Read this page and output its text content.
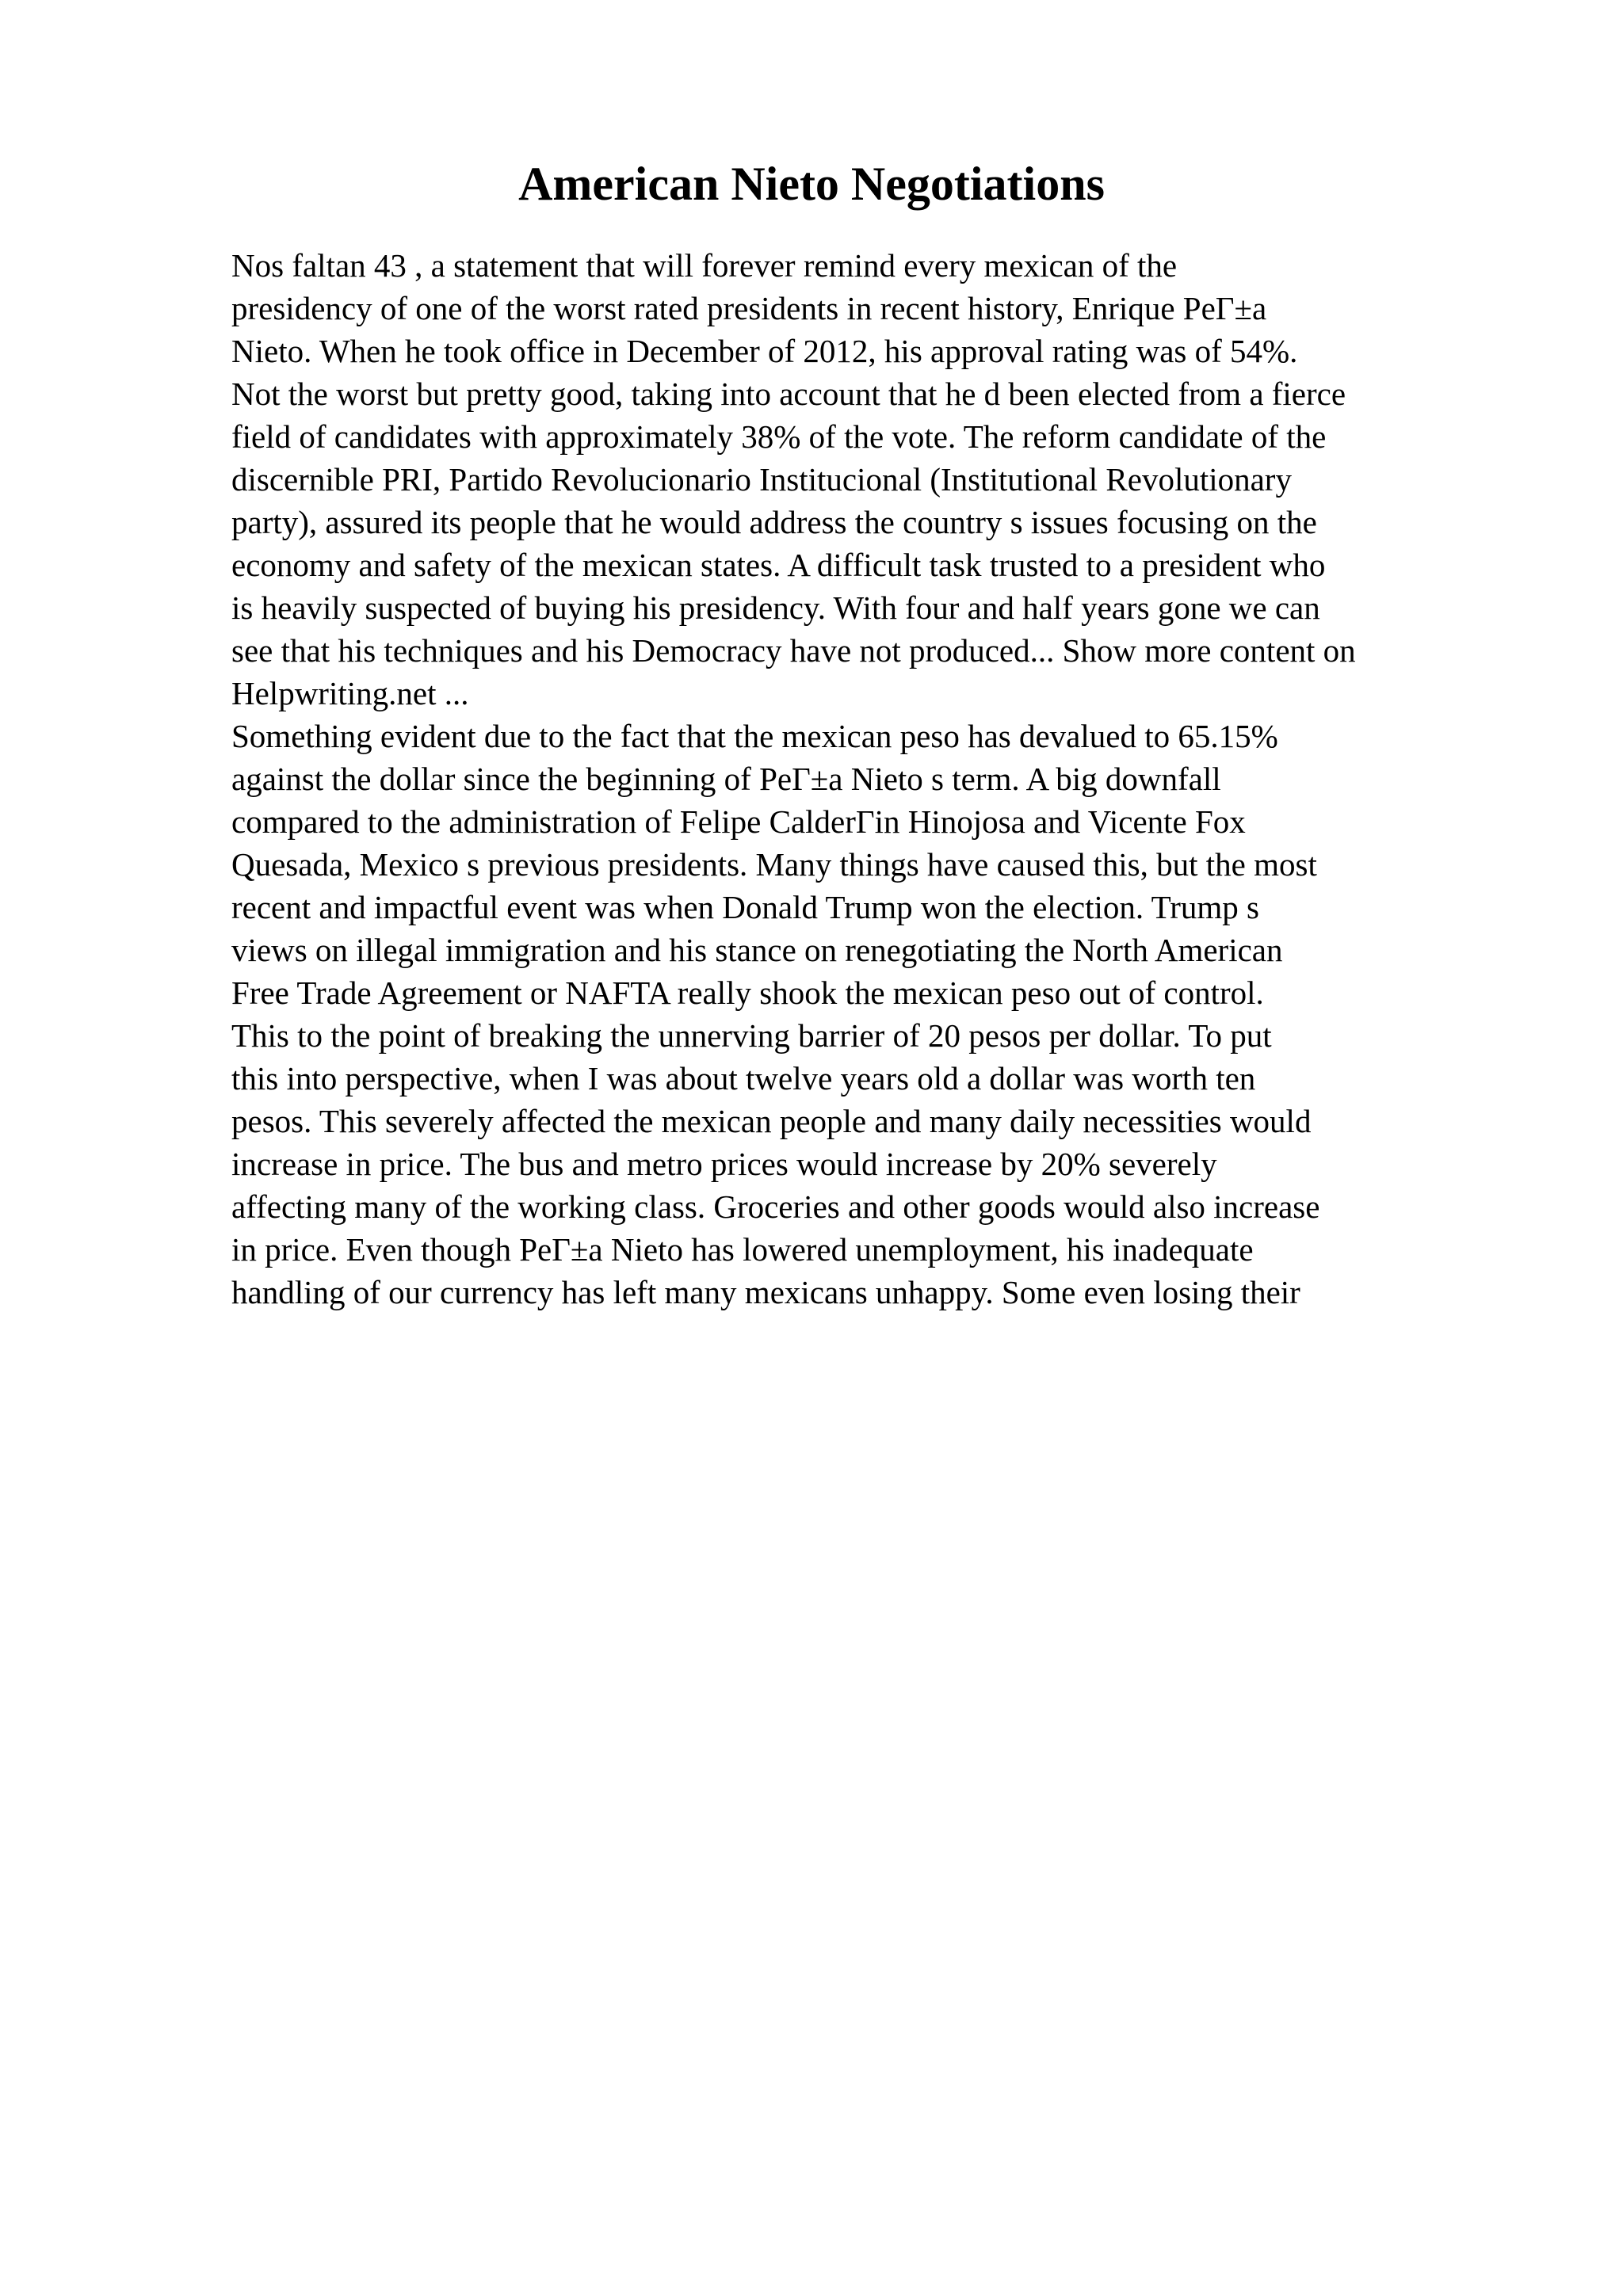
American Nieto Negotiations
Nos faltan 43 , a statement that will forever remind every mexican of the
presidency of one of the worst rated presidents in recent history, Enrique PeΓ±a
Nieto. When he took office in December of 2012, his approval rating was of 54%.
Not the worst but pretty good, taking into account that he d been elected from a fierce
field of candidates with approximately 38% of the vote. The reform candidate of the
discernible PRI, Partido Revolucionario Institucional (Institutional Revolutionary
party), assured its people that he would address the country s issues focusing on the
economy and safety of the mexican states. A difficult task trusted to a president who
is heavily suspected of buying his presidency. With four and half years gone we can
see that his techniques and his Democracy have not produced... Show more content on
Helpwriting.net ...
Something evident due to the fact that the mexican peso has devalued to 65.15%
against the dollar since the beginning of PeΓ±a Nieto s term. A big downfall
compared to the administration of Felipe CalderΓin Hinojosa and Vicente Fox
Quesada, Mexico s previous presidents. Many things have caused this, but the most
recent and impactful event was when Donald Trump won the election. Trump s
views on illegal immigration and his stance on renegotiating the North American
Free Trade Agreement or NAFTA really shook the mexican peso out of control.
This to the point of breaking the unnerving barrier of 20 pesos per dollar. To put
this into perspective, when I was about twelve years old a dollar was worth ten
pesos. This severely affected the mexican people and many daily necessities would
increase in price. The bus and metro prices would increase by 20% severely
affecting many of the working class. Groceries and other goods would also increase
in price. Even though PeΓ±a Nieto has lowered unemployment, his inadequate
handling of our currency has left many mexicans unhappy. Some even losing their
